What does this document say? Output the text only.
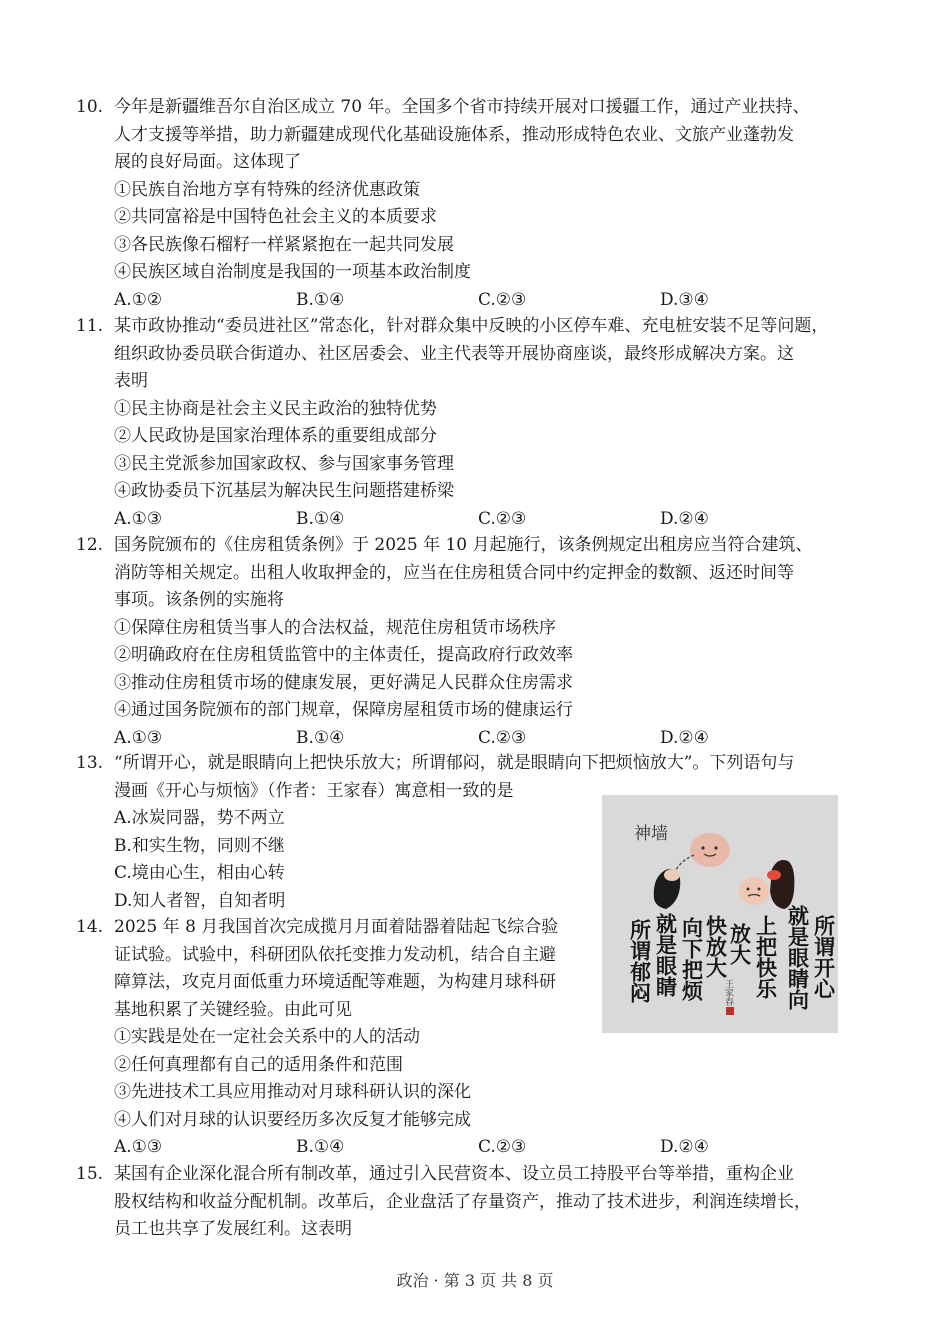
10. 今年是新疆维吾尔自治区成立 70 年。全国多个省市持续开展对口援疆工作，通过产业扶持、
人才支援等举措，助力新疆建成现代化基础设施体系，推动形成特色农业、文旅产业蓬勃发
展的良好局面。这体现了
①民族自治地方享有特殊的经济优惠政策
②共同富裕是中国特色社会主义的本质要求
③各民族像石榴籽一样紧紧抱在一起共同发展
④民族区域自治制度是我国的一项基本政治制度
A.①②	B.①④	C.②③	D.③④
11. 某市政协推动“委员进社区”常态化，针对群众集中反映的小区停车难、充电桩安装不足等问题，
组织政协委员联合街道办、社区居委会、业主代表等开展协商座谈，最终形成解决方案。这
表明
①民主协商是社会主义民主政治的独特优势
②人民政协是国家治理体系的重要组成部分
③民主党派参加国家政权、参与国家事务管理
④政协委员下沉基层为解决民生问题搭建桥梁
A.①③	B.①④	C.②③	D.②④
12. 国务院颁布的《住房租赁条例》于 2025 年 10 月起施行，该条例规定出租房应当符合建筑、
消防等相关规定。出租人收取押金的，应当在住房租赁合同中约定押金的数额、返还时间等
事项。该条例的实施将
①保障住房租赁当事人的合法权益，规范住房租赁市场秩序
②明确政府在住房租赁监管中的主体责任，提高政府行政效率
③推动住房租赁市场的健康发展，更好满足人民群众住房需求
④通过国务院颁布的部门规章，保障房屋租赁市场的健康运行
A.①③	B.①④	C.②③	D.②④
13. “所谓开心，就是眼睛向上把快乐放大；所谓郁闷，就是眼睛向下把烦恼放大”。下列语句与
漫画《开心与烦恼》（作者：王家春）寓意相一致的是
A.冰炭同器，势不两立
B.和实生物，同则不继
C.境由心生，相由心转
D.知人者智，自知者明
14. 2025 年 8 月我国首次完成揽月月面着陆器着陆起飞综合验
证试验。试验中，科研团队依托变推力发动机，结合自主避
障算法，攻克月面低重力环境适配等难题，为构建月球科研
基地积累了关键经验。由此可见
①实践是处在一定社会关系中的人的活动
②任何真理都有自己的适用条件和范围
③先进技术工具应用推动对月球科研认识的深化
④人们对月球的认识要经历多次反复才能够完成
A.①③	B.①④	C.②③	D.②④
15. 某国有企业深化混合所有制改革，通过引入民营资本、设立员工持股平台等举措，重构企业
股权结构和收益分配机制。改革后，企业盘活了存量资产，推动了技术进步，利润连续增长，
员工也共享了发展红利。这表明
神墙
所谓开心
就是眼睛向
上把快乐
放大
快放大
向下把烦
就是眼睛
所谓郁闷	王家春
政治 · 第 3 页 共 8 页
